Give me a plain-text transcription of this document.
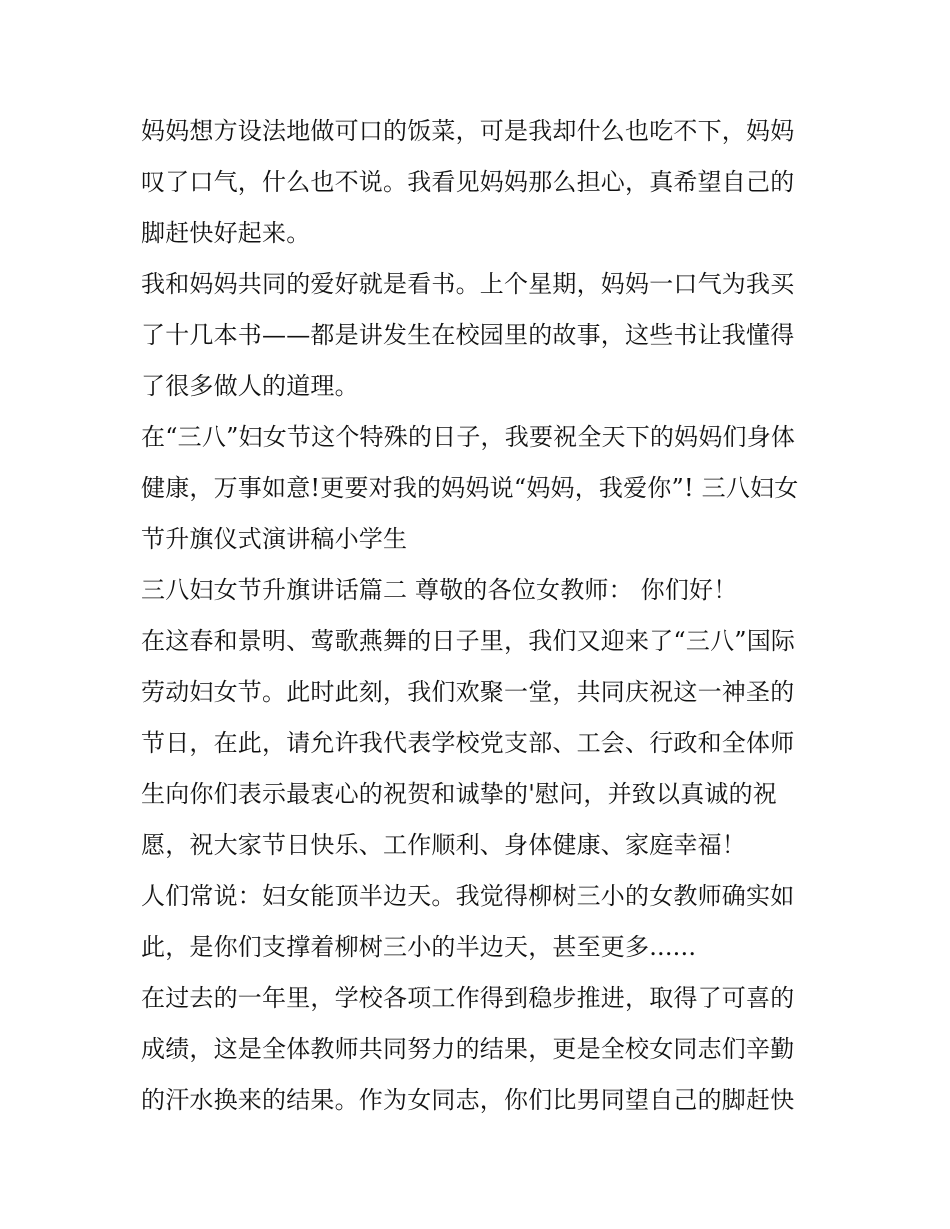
妈妈想方设法地做可口的饭菜，可是我却什么也吃不下，妈妈
叹了口气，什么也不说。我看见妈妈那么担心，真希望自己的
脚赶快好起来。
我和妈妈共同的爱好就是看书。上个星期，妈妈一口气为我买
了十几本书——都是讲发生在校园里的故事，这些书让我懂得
了很多做人的道理。
在“三八”妇女节这个特殊的日子，我要祝全天下的妈妈们身体
健康，万事如意!更要对我的妈妈说“妈妈，我爱你”! 三八妇女
节升旗仪式演讲稿小学生
三八妇女节升旗讲话篇二 尊敬的各位女教师： 你们好！
在这春和景明、莺歌燕舞的日子里，我们又迎来了“三八”国际
劳动妇女节。此时此刻，我们欢聚一堂，共同庆祝这一神圣的
节日，在此，请允许我代表学校党支部、工会、行政和全体师
生向你们表示最衷心的祝贺和诚挚的'慰问，并致以真诚的祝
愿，祝大家节日快乐、工作顺利、身体健康、家庭幸福！
人们常说：妇女能顶半边天。我觉得柳树三小的女教师确实如
此，是你们支撑着柳树三小的半边天，甚至更多......
在过去的一年里，学校各项工作得到稳步推进，取得了可喜的
成绩，这是全体教师共同努力的结果，更是全校女同志们辛勤
的汗水换来的结果。作为女同志，你们比男同望自己的脚赶快
